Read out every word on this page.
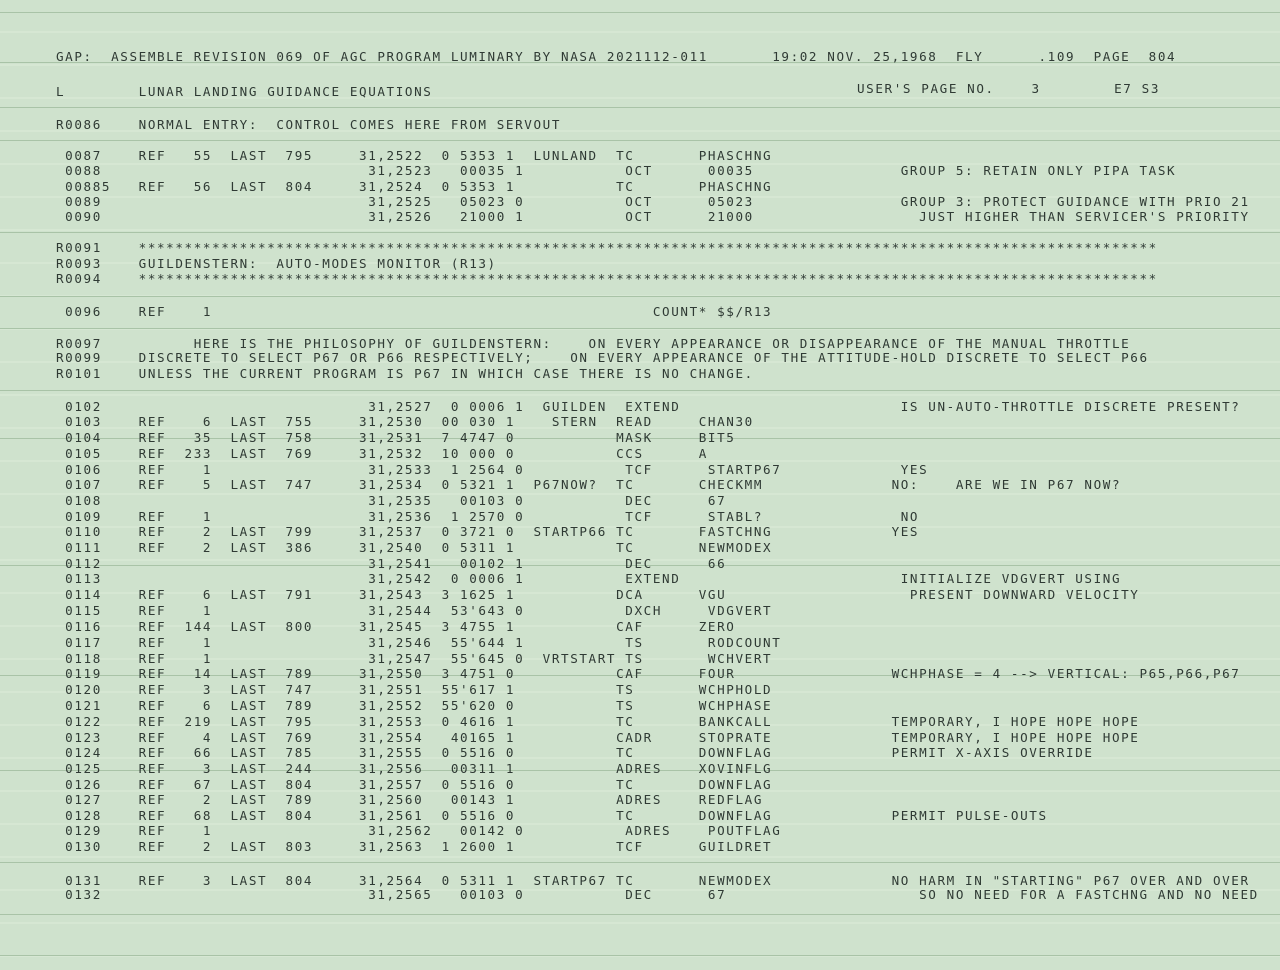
GAP:  ASSEMBLE REVISION 069 OF AGC PROGRAM LUMINARY BY NASA 2021112-011       19:02 NOV. 25,1968  FLY      .109  PAGE  804
L        LUNAR LANDING GUIDANCE EQUATIONS	USER'S PAGE NO.    3        E7 S3
R0086    NORMAL ENTRY:  CONTROL COMES HERE FROM SERVOUT
0087    REF   55  LAST  795     31,2522  0 5353 1  LUNLAND  TC       PHASCHNG
0088                             31,2523   00035 1           OCT      00035                GROUP 5: RETAIN ONLY PIPA TASK
00885   REF   56  LAST  804     31,2524  0 5353 1           TC       PHASCHNG
0089                             31,2525   05023 0           OCT      05023                GROUP 3: PROTECT GUIDANCE WITH PRIO 21
0090                             31,2526   21000 1           OCT      21000                  JUST HIGHER THAN SERVICER'S PRIORITY
R0091    ***************************************************************************************************************
R0093    GUILDENSTERN:  AUTO-MODES MONITOR (R13)
R0094    ***************************************************************************************************************
0096    REF    1                                                COUNT* $$/R13
R0097          HERE IS THE PHILOSOPHY OF GUILDENSTERN:    ON EVERY APPEARANCE OR DISAPPEARANCE OF THE MANUAL THROTTLE
R0099    DISCRETE TO SELECT P67 OR P66 RESPECTIVELY;    ON EVERY APPEARANCE OF THE ATTITUDE-HOLD DISCRETE TO SELECT P66
R0101    UNLESS THE CURRENT PROGRAM IS P67 IN WHICH CASE THERE IS NO CHANGE.
0102                             31,2527  0 0006 1  GUILDEN  EXTEND                        IS UN-AUTO-THROTTLE DISCRETE PRESENT?
0103    REF    6  LAST  755     31,2530  00 030 1    STERN  READ     CHAN30
0104    REF   35  LAST  758     31,2531  7 4747 0           MASK     BIT5
0105    REF  233  LAST  769     31,2532  10 000 0           CCS      A
0106    REF    1                 31,2533  1 2564 0           TCF      STARTP67             YES
0107    REF    5  LAST  747     31,2534  0 5321 1  P67NOW?  TC       CHECKMM              NO:    ARE WE IN P67 NOW?
0108                             31,2535   00103 0           DEC      67
0109    REF    1                 31,2536  1 2570 0           TCF      STABL?               NO
0110    REF    2  LAST  799     31,2537  0 3721 0  STARTP66 TC       FASTCHNG             YES
0111    REF    2  LAST  386     31,2540  0 5311 1           TC       NEWMODEX
0112                             31,2541   00102 1           DEC      66
0113                             31,2542  0 0006 1           EXTEND                        INITIALIZE VDGVERT USING
0114    REF    6  LAST  791     31,2543  3 1625 1           DCA      VGU                    PRESENT DOWNWARD VELOCITY
0115    REF    1                 31,2544  53'643 0           DXCH     VDGVERT
0116    REF  144  LAST  800     31,2545  3 4755 1           CAF      ZERO
0117    REF    1                 31,2546  55'644 1           TS       RODCOUNT
0118    REF    1                 31,2547  55'645 0  VRTSTART TS       WCHVERT
0119    REF   14  LAST  789     31,2550  3 4751 0           CAF      FOUR                 WCHPHASE = 4 --> VERTICAL: P65,P66,P67
0120    REF    3  LAST  747     31,2551  55'617 1           TS       WCHPHOLD
0121    REF    6  LAST  789     31,2552  55'620 0           TS       WCHPHASE
0122    REF  219  LAST  795     31,2553  0 4616 1           TC       BANKCALL             TEMPORARY, I HOPE HOPE HOPE
0123    REF    4  LAST  769     31,2554   40165 1           CADR     STOPRATE             TEMPORARY, I HOPE HOPE HOPE
0124    REF   66  LAST  785     31,2555  0 5516 0           TC       DOWNFLAG             PERMIT X-AXIS OVERRIDE
0125    REF    3  LAST  244     31,2556   00311 1           ADRES    XOVINFLG
0126    REF   67  LAST  804     31,2557  0 5516 0           TC       DOWNFLAG
0127    REF    2  LAST  789     31,2560   00143 1           ADRES    REDFLAG
0128    REF   68  LAST  804     31,2561  0 5516 0           TC       DOWNFLAG             PERMIT PULSE-OUTS
0129    REF    1                 31,2562   00142 0           ADRES    POUTFLAG
0130    REF    2  LAST  803     31,2563  1 2600 1           TCF      GUILDRET
0131    REF    3  LAST  804     31,2564  0 5311 1  STARTP67 TC       NEWMODEX             NO HARM IN "STARTING" P67 OVER AND OVER
0132                             31,2565   00103 0           DEC      67                     SO NO NEED FOR A FASTCHNG AND NO NEED
